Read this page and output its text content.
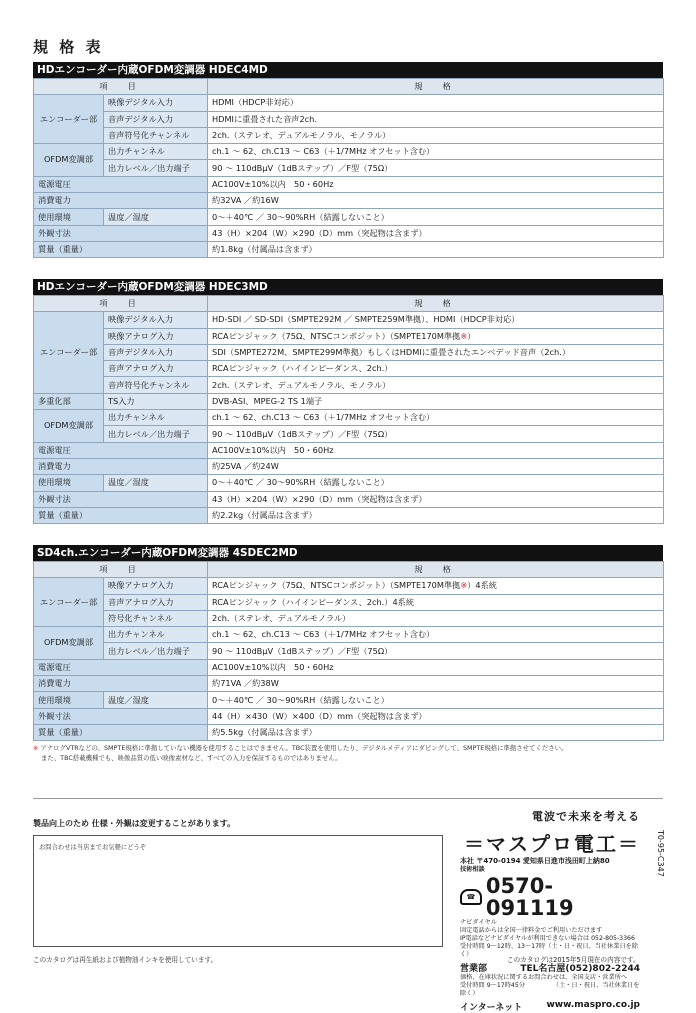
規 格 表
HDエンコーダー内蔵OFDM変調器 HDEC4MD
項　目		規　格
エンコーダー部	映像デジタル入力	HDMI（HDCP非対応）
	音声デジタル入力	HDMIに重畳された音声2ch.
	音声符号化チャンネル	2ch.（ステレオ、デュアルモノラル、モノラル）
OFDM変調部	出力チャンネル	ch.1 ～ 62、ch.C13 ～ C63（＋1/7MHz オフセット含む）
	出力レベル／出力端子	90 ～ 110dBμV（1dBステップ）／F型（75Ω）
電源電圧		AC100V±10%以内　50・60Hz
消費電力		約32VA ／約16W
使用環境	温度／湿度	0～＋40℃ ／ 30～90%RH（結露しないこと）
外観寸法		43（H）×204（W）×290（D）mm（突起物は含まず）
質量（重量）		約1.8kg（付属品は含まず）
HDエンコーダー内蔵OFDM変調器 HDEC3MD
項　目		規　格
エンコーダー部	映像デジタル入力	HD-SDI ／ SD-SDI（SMPTE292M ／ SMPTE259M準拠）、HDMI（HDCP非対応）
	映像アナログ入力	RCAピンジャック（75Ω、NTSCコンポジット）（SMPTE170M準拠※）
	音声デジタル入力	SDI（SMPTE272M、SMPTE299M準拠）もしくはHDMIに重畳されたエンベデッド音声（2ch.）
	音声アナログ入力	RCAピンジャック（ハイインピーダンス、2ch.）
	音声符号化チャンネル	2ch.（ステレオ、デュアルモノラル、モノラル）
多重化部	TS入力	DVB-ASI、MPEG-2 TS 1端子
OFDM変調部	出力チャンネル	ch.1 ～ 62、ch.C13 ～ C63（＋1/7MHz オフセット含む）
	出力レベル／出力端子	90 ～ 110dBμV（1dBステップ）／F型（75Ω）
電源電圧		AC100V±10%以内　50・60Hz
消費電力		約25VA ／約24W
使用環境	温度／湿度	0～＋40℃ ／ 30～90%RH（結露しないこと）
外観寸法		43（H）×204（W）×290（D）mm（突起物は含まず）
質量（重量）		約2.2kg（付属品は含まず）
SD4ch.エンコーダー内蔵OFDM変調器 4SDEC2MD
項　目		規　格
エンコーダー部	映像アナログ入力	RCAピンジャック（75Ω、NTSCコンポジット）（SMPTE170M準拠※）4系統
	音声アナログ入力	RCAピンジャック（ハイインピーダンス、2ch.）4系統
	符号化チャンネル	2ch.（ステレオ、デュアルモノラル）
OFDM変調部	出力チャンネル	ch.1 ～ 62、ch.C13 ～ C63（＋1/7MHz オフセット含む）
	出力レベル／出力端子	90 ～ 110dBμV（1dBステップ）／F型（75Ω）
電源電圧		AC100V±10%以内　50・60Hz
消費電力		約71VA ／約38W
使用環境	温度／湿度	0～＋40℃ ／ 30～90%RH（結露しないこと）
外観寸法		44（H）×430（W）×400（D）mm（突起物は含まず）
質量（重量）		約5.5kg（付属品は含まず）
※ アナログVTRなどの、SMPTE規格に準拠していない機器を使用することはできません。TBC装置を使用したり、デジタルメディアにダビングして、SMPTE規格に準拠させてください。
また、TBC搭載機種でも、映像品質の低い映像素材など、すべての入力を保証するものではありません。
製品向上のため 仕様・外観は変更することがあります。
お問合わせは当店までお気軽にどうぞ
このカタログは再生紙および植物油インキを使用しています。
電波で未来を考える
＝マスプロ電工＝
本社 〒470-0194 愛知県日進市浅田町上納80
技術相談
☎ 0570-091119
ナビダイヤル
固定電話からは全国一律料金でご利用いただけます
IP電話などナビダイヤルが利用できない場合は 052-805-3366
受付時間 9～12時、13～17時（土・日・祝日、当社休業日を除く）
営業部	TEL名古屋(052)802-2244
価格、在庫状況に関するお問合わせは、全国支店・営業所へ
受付時間 9～17時45分　　　　　（土・日・祝日、当社休業日を除く）
インターネット	www.maspro.co.jp
このカタログは2015年5月現在の内容です。
T0-95-C347
